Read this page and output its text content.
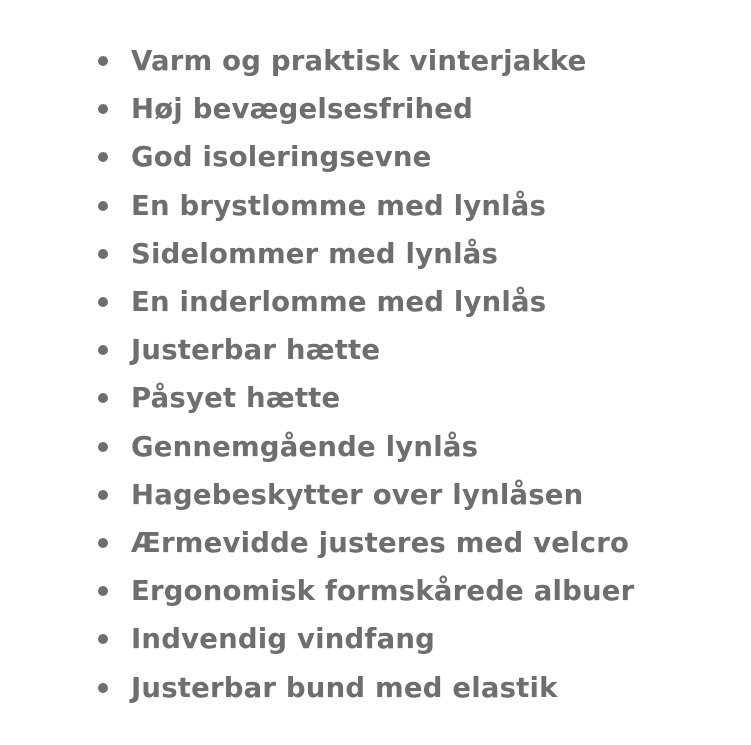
Varm og praktisk vinterjakke
Høj bevægelsesfrihed
God isoleringsevne
En brystlomme med lynlås
Sidelommer med lynlås
En inderlomme med lynlås
Justerbar hætte
Påsyet hætte
Gennemgående lynlås
Hagebeskytter over lynlåsen
Ærmevidde justeres med velcro
Ergonomisk formskårede albuer
Indvendig vindfang
Justerbar bund med elastik
